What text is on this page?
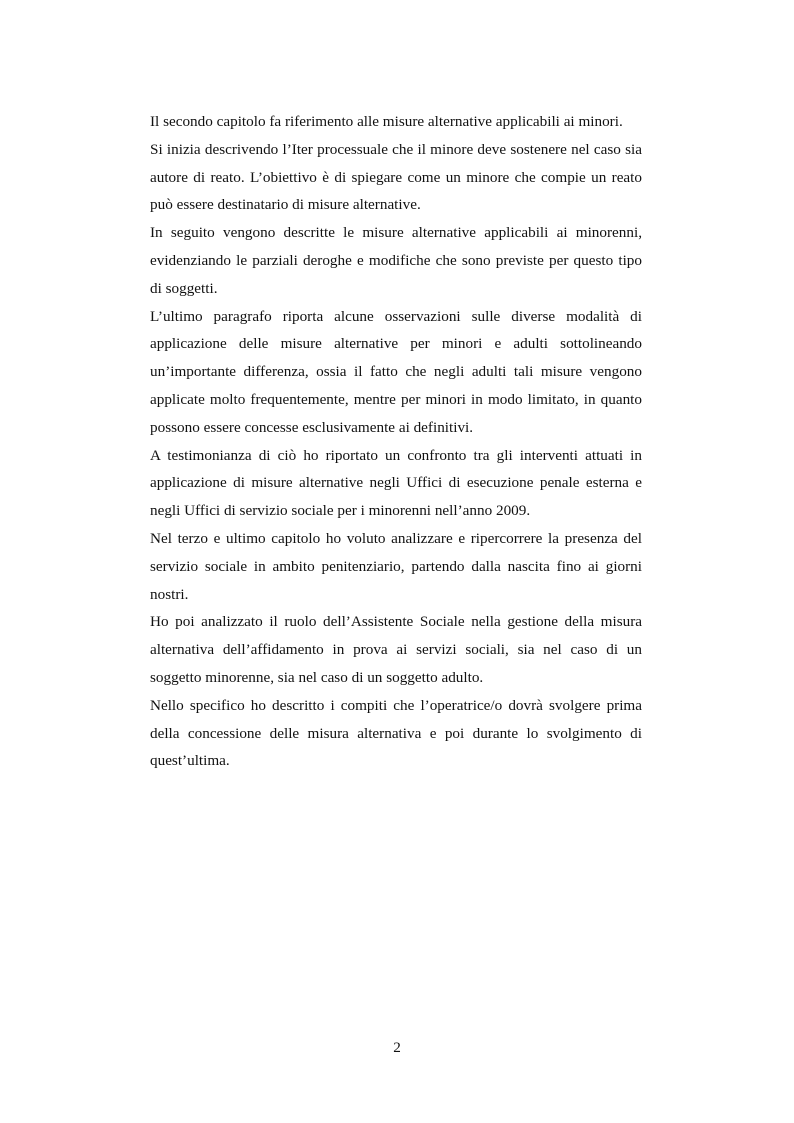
Il secondo capitolo fa riferimento alle misure alternative applicabili ai minori.

Si inizia descrivendo l’Iter processuale che il minore deve sostenere nel caso sia autore di reato. L’obiettivo è di spiegare come un minore che compie un reato può essere destinatario di misure alternative.

In seguito vengono descritte le misure alternative applicabili ai minorenni, evidenziando le parziali deroghe e modifiche che sono previste per questo tipo di soggetti.

L’ultimo paragrafo riporta alcune osservazioni sulle diverse modalità di applicazione delle misure alternative per minori e adulti sottolineando un’importante differenza, ossia il fatto che negli adulti tali misure vengono applicate molto frequentemente, mentre per minori in modo limitato, in quanto possono essere concesse esclusivamente ai definitivi.

A testimonianza di ciò ho riportato un confronto tra gli interventi attuati in applicazione di misure alternative negli Uffici di esecuzione penale esterna e negli Uffici di servizio sociale per i minorenni nell’anno 2009.

Nel terzo e ultimo capitolo ho voluto analizzare e ripercorrere la presenza del servizio sociale in ambito penitenziario, partendo dalla nascita fino ai giorni nostri.

Ho poi analizzato il ruolo dell’Assistente Sociale nella gestione della misura alternativa dell’affidamento in prova ai servizi sociali, sia nel caso di un soggetto minorenne, sia nel caso di un soggetto adulto.

Nello specifico ho descritto i compiti che l’operatrice/o dovrà svolgere prima della concessione delle misura alternativa e poi durante lo svolgimento di quest’ultima.

2
